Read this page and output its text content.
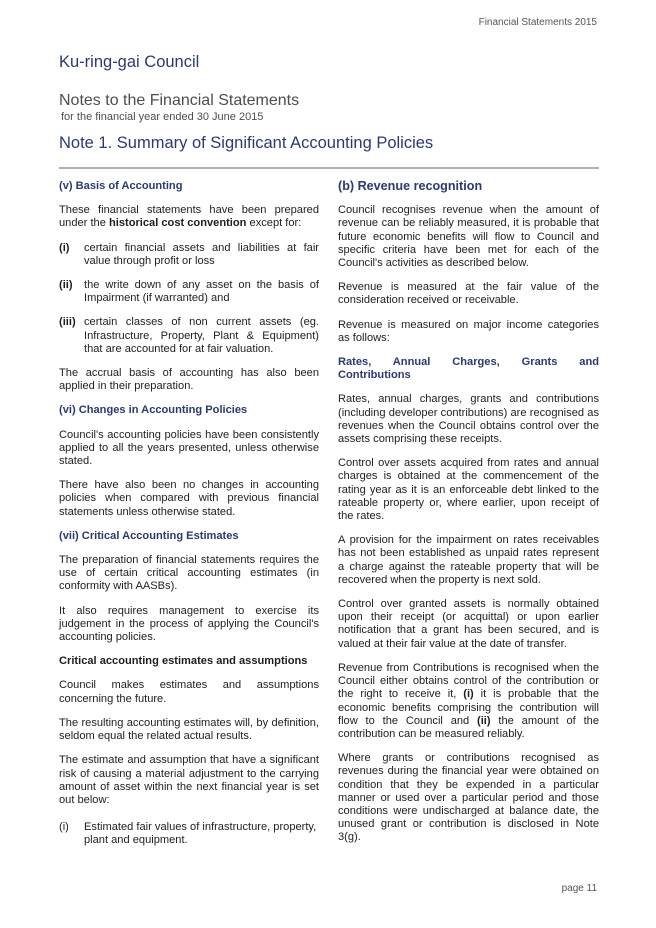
Financial Statements 2015
Ku-ring-gai Council
Notes to the Financial Statements
for the financial year ended 30 June 2015
Note 1. Summary of Significant Accounting Policies

(v) Basis of Accounting

These financial statements have been prepared under the historical cost convention except for:

(i)	certain financial assets and liabilities at fair value through profit or loss
(ii)	the write down of any asset on the basis of Impairment (if warranted) and
(iii) certain classes of non current assets (eg. Infrastructure, Property, Plant & Equipment) that are accounted for at fair valuation.

The accrual basis of accounting has also been applied in their preparation.

(vi) Changes in Accounting Policies

Council's accounting policies have been consistently applied to all the years presented, unless otherwise stated.

There have also been no changes in accounting policies when compared with previous financial statements unless otherwise stated.

(vii) Critical Accounting Estimates

The preparation of financial statements requires the use of certain critical accounting estimates (in conformity with AASBs).

It also requires management to exercise its judgement in the process of applying the Council's accounting policies.

Critical accounting estimates and assumptions

Council makes estimates and assumptions concerning the future.

The resulting accounting estimates will, by definition, seldom equal the related actual results.

The estimate and assumption that have a significant risk of causing a material adjustment to the carrying amount of asset within the next financial year is set out below:

(i)	Estimated fair values of infrastructure, property, plant and equipment.

(b) Revenue recognition

Council recognises revenue when the amount of revenue can be reliably measured, it is probable that future economic benefits will flow to Council and specific criteria have been met for each of the Council's activities as described below.

Revenue is measured at the fair value of the consideration received or receivable.

Revenue is measured on major income categories as follows:

Rates, Annual Charges, Grants and Contributions

Rates, annual charges, grants and contributions (including developer contributions) are recognised as revenues when the Council obtains control over the assets comprising these receipts.

Control over assets acquired from rates and annual charges is obtained at the commencement of the rating year as it is an enforceable debt linked to the rateable property or, where earlier, upon receipt of the rates.

A provision for the impairment on rates receivables has not been established as unpaid rates represent a charge against the rateable property that will be recovered when the property is next sold.

Control over granted assets is normally obtained upon their receipt (or acquittal) or upon earlier notification that a grant has been secured, and is valued at their fair value at the date of transfer.

Revenue from Contributions is recognised when the Council either obtains control of the contribution or the right to receive it, (i) it is probable that the economic benefits comprising the contribution will flow to the Council and (ii) the amount of the contribution can be measured reliably.

Where grants or contributions recognised as revenues during the financial year were obtained on condition that they be expended in a particular manner or used over a particular period and those conditions were undischarged at balance date, the unused grant or contribution is disclosed in Note 3(g).

page 11
